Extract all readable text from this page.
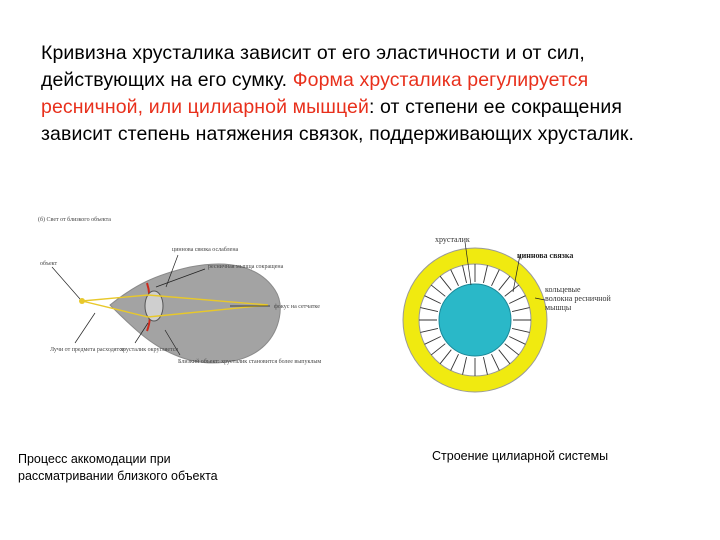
Кривизна хрусталика зависит от его эластичности и от сил, действующих на его сумку. Форма хрусталика регулируется ресничной, или цилиарной мышцей: от степени ее сокращения зависит степень натяжения связок, поддерживающих хрусталик.

(б) Свет от близкого объекта
объект
циннова связка ослаблена
ресничная мышца сокращена
фокус на сетчатке
Лучи от предмета расходятся
хрусталик округляется
Близкий объект: хрусталик становится более выпуклым
хрусталик
циннова связка
кольцевые волокна ресничной мышцы

Процесс аккомодации при рассматривании близкого объекта

Строение цилиарной системы
